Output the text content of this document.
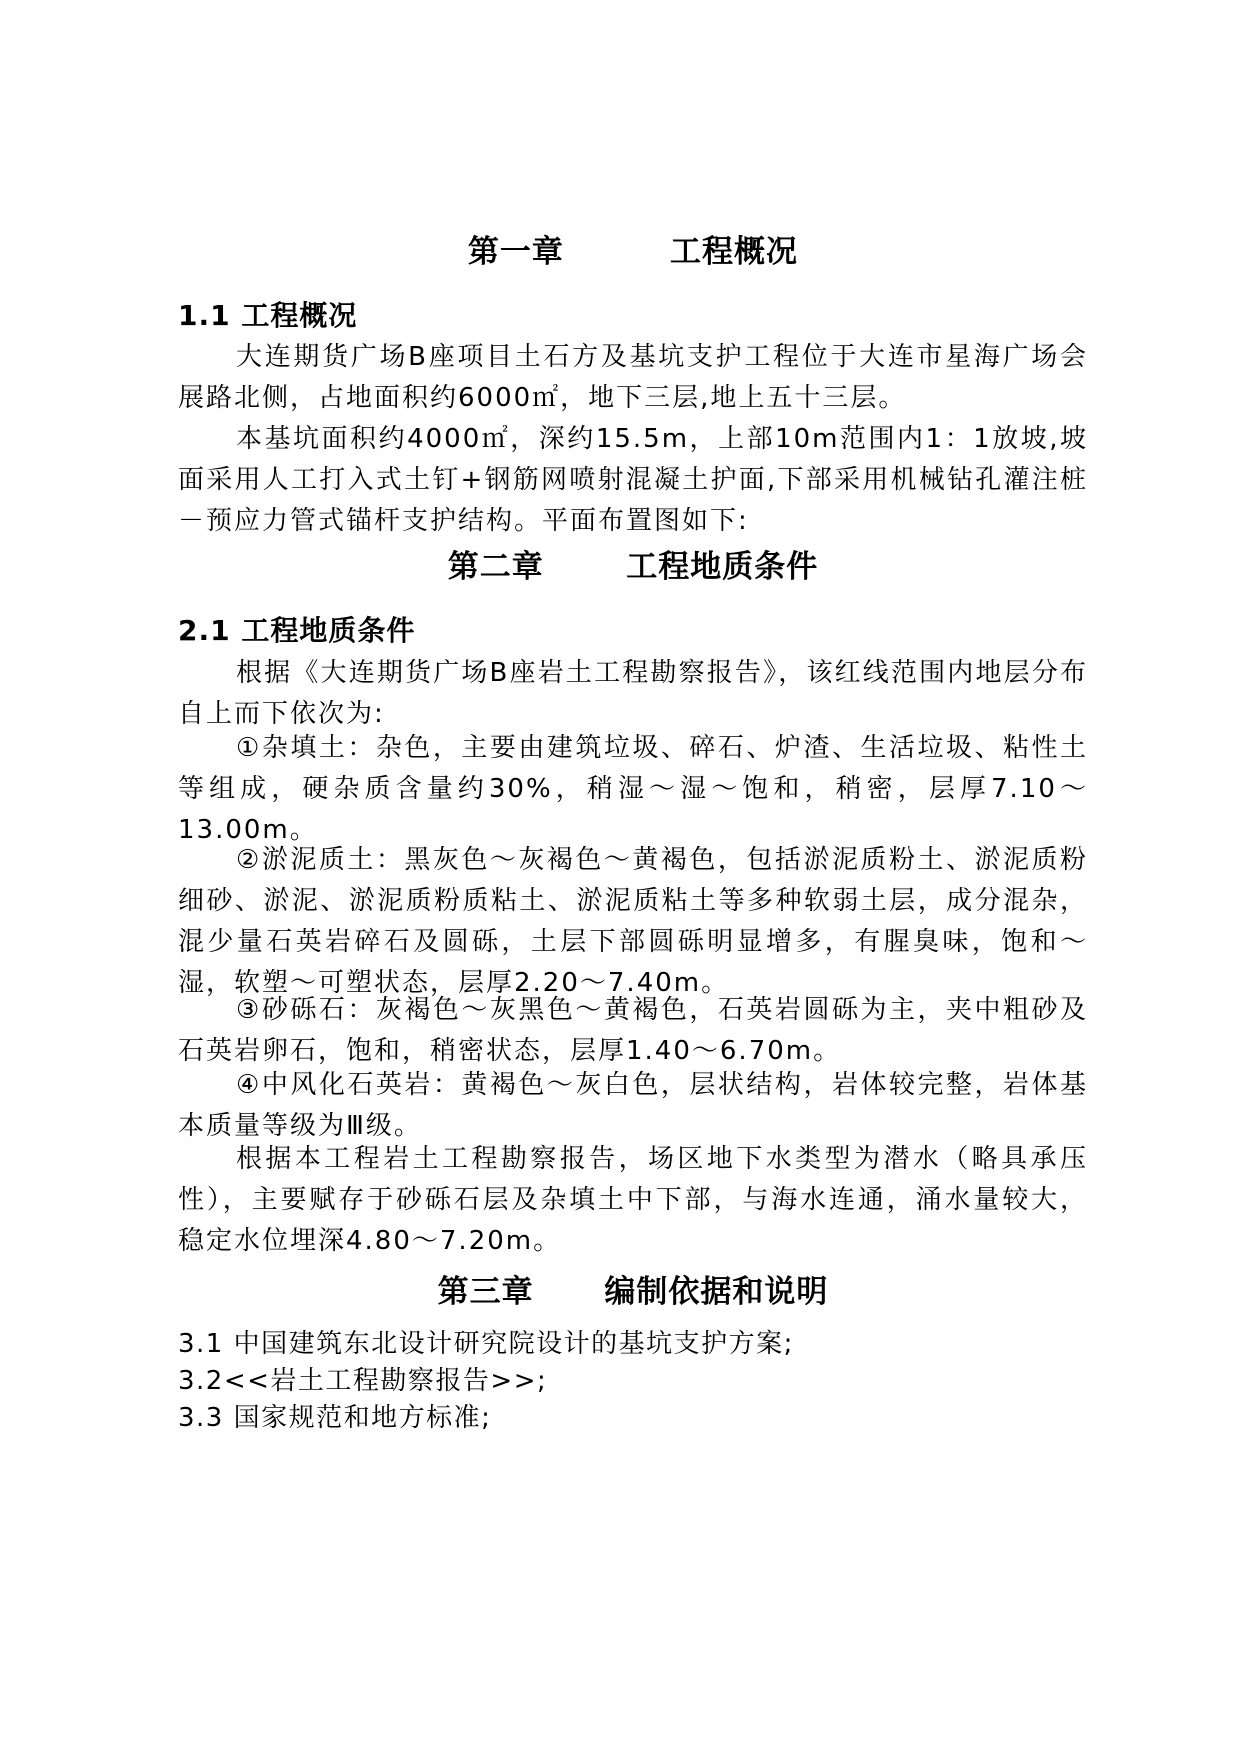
第一章         工程概况
1.1 工程概况
大连期货广场B座项目土石方及基坑支护工程位于大连市星海广场会展路北侧，占地面积约6000㎡，地下三层,地上五十三层。
本基坑面积约4000㎡，深约15.5m，上部10m范围内1：1放坡,坡面采用人工打入式土钉+钢筋网喷射混凝土护面,下部采用机械钻孔灌注桩－预应力管式锚杆支护结构。平面布置图如下:
第二章       工程地质条件
2.1 工程地质条件
根据《大连期货广场B座岩土工程勘察报告》，该红线范围内地层分布自上而下依次为:
①杂填土：杂色，主要由建筑垃圾、碎石、炉渣、生活垃圾、粘性土等组成，硬杂质含量约30%，稍湿～湿～饱和，稍密，层厚7.10～13.00m。
②淤泥质土：黑灰色～灰褐色～黄褐色，包括淤泥质粉土、淤泥质粉细砂、淤泥、淤泥质粉质粘土、淤泥质粘土等多种软弱土层，成分混杂，混少量石英岩碎石及圆砾，土层下部圆砾明显增多，有腥臭味，饱和～湿，软塑～可塑状态，层厚2.20～7.40m。
③砂砾石：灰褐色～灰黑色～黄褐色，石英岩圆砾为主，夹中粗砂及石英岩卵石，饱和，稍密状态，层厚1.40～6.70m。
④中风化石英岩：黄褐色～灰白色，层状结构，岩体较完整，岩体基本质量等级为Ⅲ级。
根据本工程岩土工程勘察报告，场区地下水类型为潜水（略具承压性），主要赋存于砂砾石层及杂填土中下部，与海水连通，涌水量较大，稳定水位埋深4.80～7.20m。
第三章      编制依据和说明
3.1 中国建筑东北设计研究院设计的基坑支护方案;
3.2<<岩土工程勘察报告>>;
3.3 国家规范和地方标准;
